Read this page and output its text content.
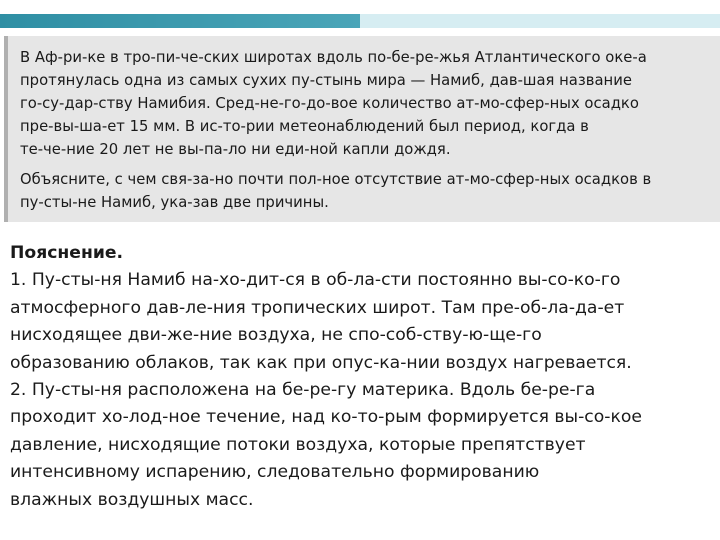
В Аф-ри-ке в тро-пи-че-ских широтах вдоль по-бе-ре-жья Атлантического оке-а
протянулась одна из самых сухих пу-стынь мира — Намиб, дав-шая название
го-су-дар-ству Намибия. Сред-не-го-до-вое количество ат-мо-сфер-ных осадко
пре-вы-ша-ет 15 мм. В ис-то-рии метеонаблюдений был период, когда в
те-че-ние 20 лет не вы-па-ло ни еди-ной капли дождя.

Объясните, с чем свя-за-но почти пол-ное отсутствие ат-мо-сфер-ных осадков в
пу-сты-не Намиб, ука-зав две причины.

Пояснение.
1. Пу-сты-ня Намиб на-хо-дит-ся в об-ла-сти постоянно вы-со-ко-го
атмосферного дав-ле-ния тропических широт. Там пре-об-ла-да-ет
нисходящее дви-же-ние воздуха, не спо-соб-ству-ю-ще-го
образованию облаков, так как при опус-ка-нии воздух нагревается.
2. Пу-сты-ня расположена на бе-ре-гу материка. Вдоль бе-ре-га
проходит хо-лод-ное течение, над ко-то-рым формируется вы-со-кое
давление, нисходящие потоки воздуха, которые препятствует
интенсивному испарению, следовательно формированию
влажных воздушных масс.
